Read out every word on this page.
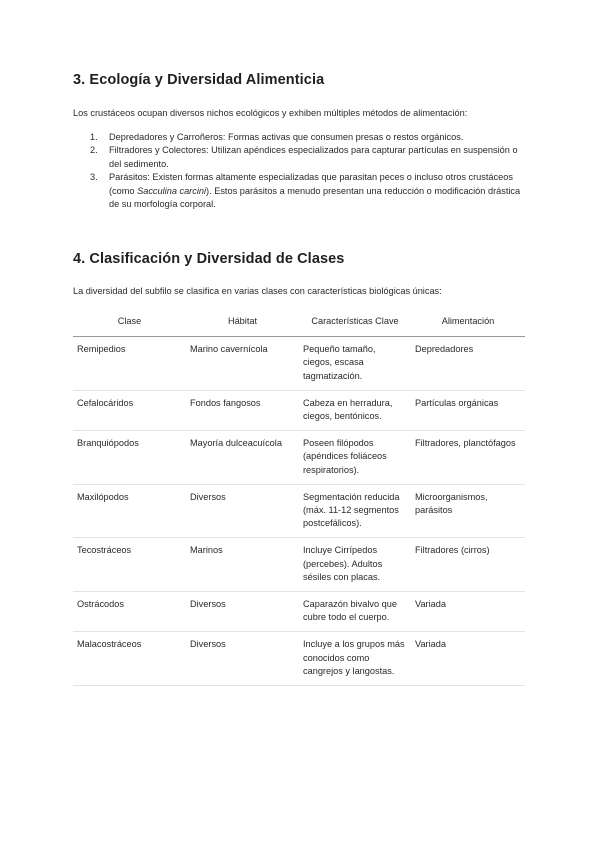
3. Ecología y Diversidad Alimenticia

Los crustáceos ocupan diversos nichos ecológicos y exhiben múltiples métodos de alimentación:

1. Depredadores y Carroñeros: Formas activas que consumen presas o restos orgánicos.
2. Filtradores y Colectores: Utilizan apéndices especializados para capturar partículas en suspensión o del sedimento.
3. Parásitos: Existen formas altamente especializadas que parasitan peces o incluso otros crustáceos (como Sacculina carcini). Estos parásitos a menudo presentan una reducción o modificación drástica de su morfología corporal.
4. Clasificación y Diversidad de Clases

La diversidad del subfilo se clasifica en varias clases con características biológicas únicas:

Clase	Hábitat	Características Clave	Alimentación
Remipedios	Marino cavernícola	Pequeño tamaño, ciegos, escasa tagmatización.	Depredadores
Cefalocáridos	Fondos fangosos	Cabeza en herradura, ciegos, bentónicos.	Partículas orgánicas
Branquiópodos	Mayoría dulceacuícola	Poseen filópodos (apéndices foliáceos respiratorios).	Filtradores, planctófagos
Maxilópodos	Diversos	Segmentación reducida (máx. 11-12 segmentos postcefálicos).	Microorganismos, parásitos
Tecostráceos	Marinos	Incluye Cirrípedos (percebes). Adultos sésiles con placas.	Filtradores (cirros)
Ostrácodos	Diversos	Caparazón bivalvo que cubre todo el cuerpo.	Variada
Malacostráceos	Diversos	Incluye a los grupos más conocidos como cangrejos y langostas.	Variada
